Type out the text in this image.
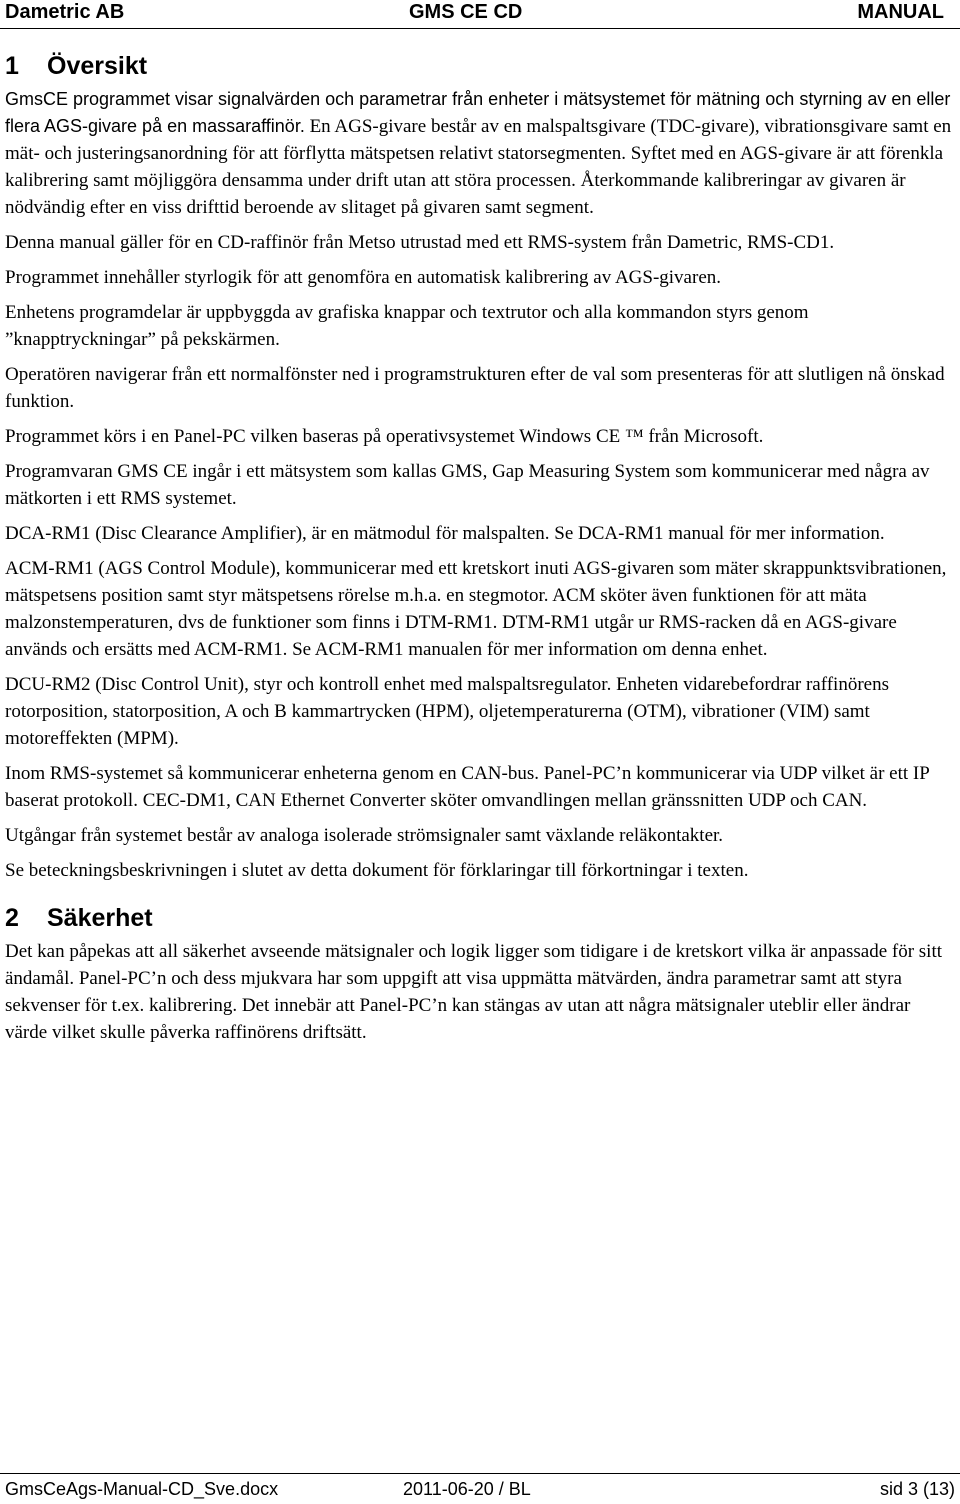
Dametric AB	GMS CE CD	MANUAL
1 Översikt

GmsCE programmet visar signalvärden och parametrar från enheter i mätsystemet för mätning och styrning av en eller flera AGS-givare på en massaraffinör. En AGS-givare består av en malspaltsgivare (TDC-givare), vibrationsgivare samt en mät- och justeringsanordning för att förflytta mätspetsen relativt statorsegmenten. Syftet med en AGS-givare är att förenkla kalibrering samt möjliggöra densamma under drift utan att störa processen. Återkommande kalibreringar av givaren är nödvändig efter en viss drifttid beroende av slitaget på givaren samt segment.

Denna manual gäller för en CD-raffinör från Metso utrustad med ett RMS-system från Dametric, RMS-CD1.

Programmet innehåller styrlogik för att genomföra en automatisk kalibrering av AGS-givaren.

Enhetens programdelar är uppbyggda av grafiska knappar och textrutor och alla kommandon styrs genom ”knapptryckningar” på pekskärmen.

Operatören navigerar från ett normalfönster ned i programstrukturen efter de val som presenteras för att slutligen nå önskad funktion.

Programmet körs i en Panel-PC vilken baseras på operativsystemet Windows CE ™ från Microsoft.

Programvaran GMS CE ingår i ett mätsystem som kallas GMS, Gap Measuring System som kommunicerar med några av mätkorten i ett RMS systemet.

DCA-RM1 (Disc Clearance Amplifier), är en mätmodul för malspalten. Se DCA-RM1 manual för mer information.

ACM-RM1 (AGS Control Module), kommunicerar med ett kretskort inuti AGS-givaren som mäter skrappunktsvibrationen, mätspetsens position samt styr mätspetsens rörelse m.h.a. en stegmotor. ACM sköter även funktionen för att mäta malzonstemperaturen, dvs de funktioner som finns i DTM-RM1. DTM-RM1 utgår ur RMS-racken då en AGS-givare används och ersätts med ACM-RM1. Se ACM-RM1 manualen för mer information om denna enhet.

DCU-RM2 (Disc Control Unit), styr och kontroll enhet med malspaltsregulator. Enheten vidarebefordrar raffinörens rotorposition, statorposition, A och B kammartrycken (HPM), oljetemperaturerna (OTM), vibrationer (VIM) samt motoreffekten (MPM).

Inom RMS-systemet så kommunicerar enheterna genom en CAN-bus. Panel-PC’n kommunicerar via UDP vilket är ett IP baserat protokoll. CEC-DM1, CAN Ethernet Converter sköter omvandlingen mellan gränssnitten UDP och CAN.

Utgångar från systemet består av analoga isolerade strömsignaler samt växlande reläkontakter.

Se beteckningsbeskrivningen i slutet av detta dokument för förklaringar till förkortningar i texten.

2 Säkerhet

Det kan påpekas att all säkerhet avseende mätsignaler och logik ligger som tidigare i de kretskort vilka är anpassade för sitt ändamål. Panel-PC’n och dess mjukvara har som uppgift att visa uppmätta mätvärden, ändra parametrar samt att styra sekvenser för t.ex. kalibrering. Det innebär att Panel-PC’n kan stängas av utan att några mätsignaler uteblir eller ändrar värde vilket skulle påverka raffinörens driftsätt.

GmsCeAgs-Manual-CD_Sve.docx	2011-06-20 / BL	sid 3 (13)
